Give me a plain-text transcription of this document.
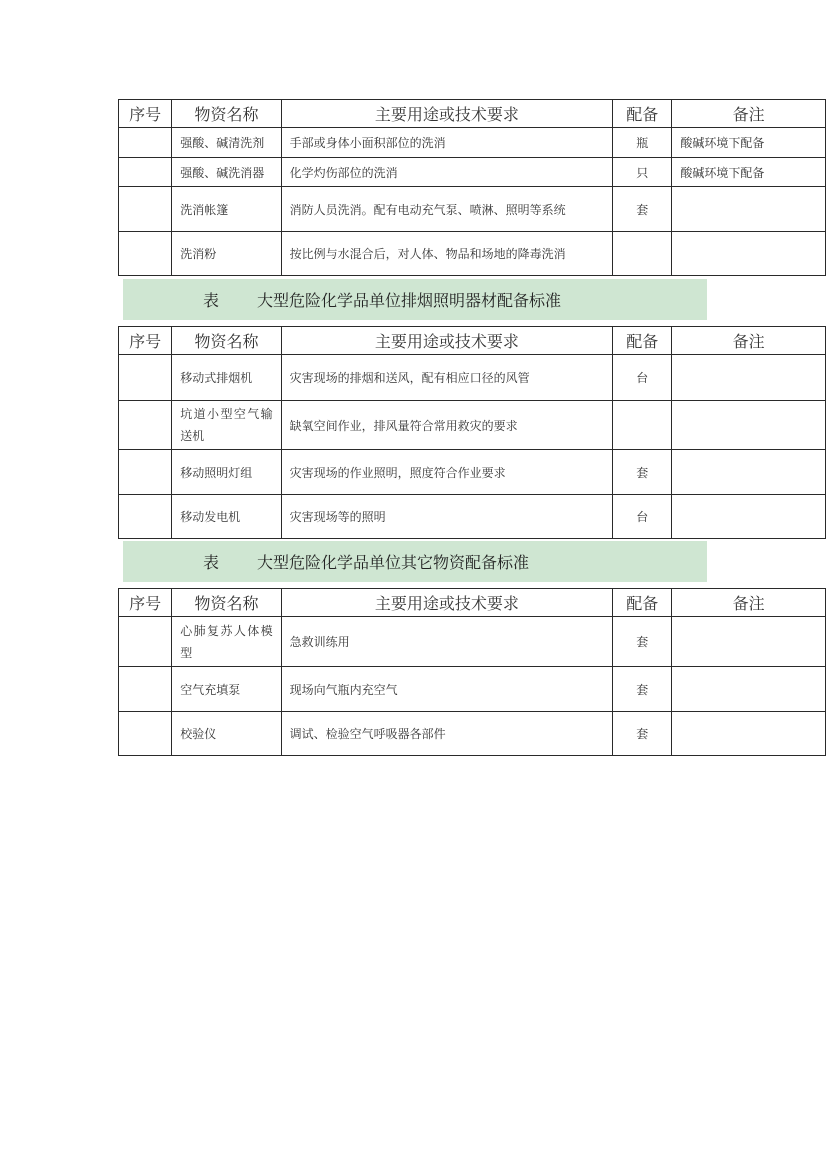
序号	物资名称	主要用途或技术要求	配备	备注
	强酸、碱清洗剂	手部或身体小面积部位的洗消	瓶	酸碱环境下配备
	强酸、碱洗消器	化学灼伤部位的洗消	只	酸碱环境下配备
	洗消帐篷	消防人员洗消。配有电动充气泵、喷淋、照明等系统	套	
	洗消粉	按比例与水混合后，对人体、物品和场地的降毒洗消		
表 大型危险化学品单位排烟照明器材配备标准
序号	物资名称	主要用途或技术要求	配备	备注
	移动式排烟机	灾害现场的排烟和送风，配有相应口径的风管	台	
	坑道小型空气输送机	缺氧空间作业，排风量符合常用救灾的要求		
	移动照明灯组	灾害现场的作业照明，照度符合作业要求	套	
	移动发电机	灾害现场等的照明	台	
表 大型危险化学品单位其它物资配备标准
序号	物资名称	主要用途或技术要求	配备	备注
	心肺复苏人体模型	急救训练用	套	
	空气充填泵	现场向气瓶内充空气	套	
	校验仪	调试、检验空气呼吸器各部件	套	
